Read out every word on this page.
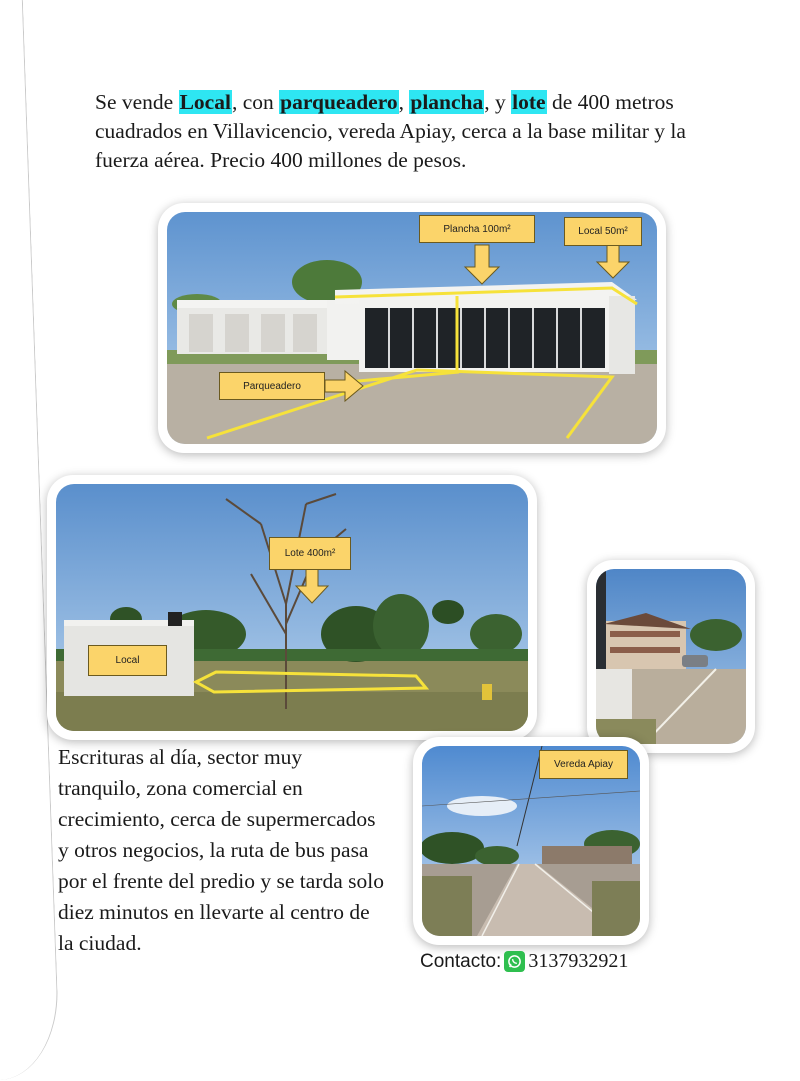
Se vende Local, con parqueadero, plancha, y lote de 400 metros cuadrados en Villavicencio, vereda Apiay, cerca a la base militar y la fuerza aérea. Precio 400 millones de pesos.

Plancha 100m²	Local 50m²
Parqueadero
Lote 400m²
Local
Vereda Apiay

Escrituras al día, sector muy tranquilo, zona comercial en crecimiento, cerca de supermercados y otros negocios, la ruta de bus pasa por el frente del predio y se tarda solo diez minutos en llevarte al centro de la ciudad.

Contacto: 3137932921
